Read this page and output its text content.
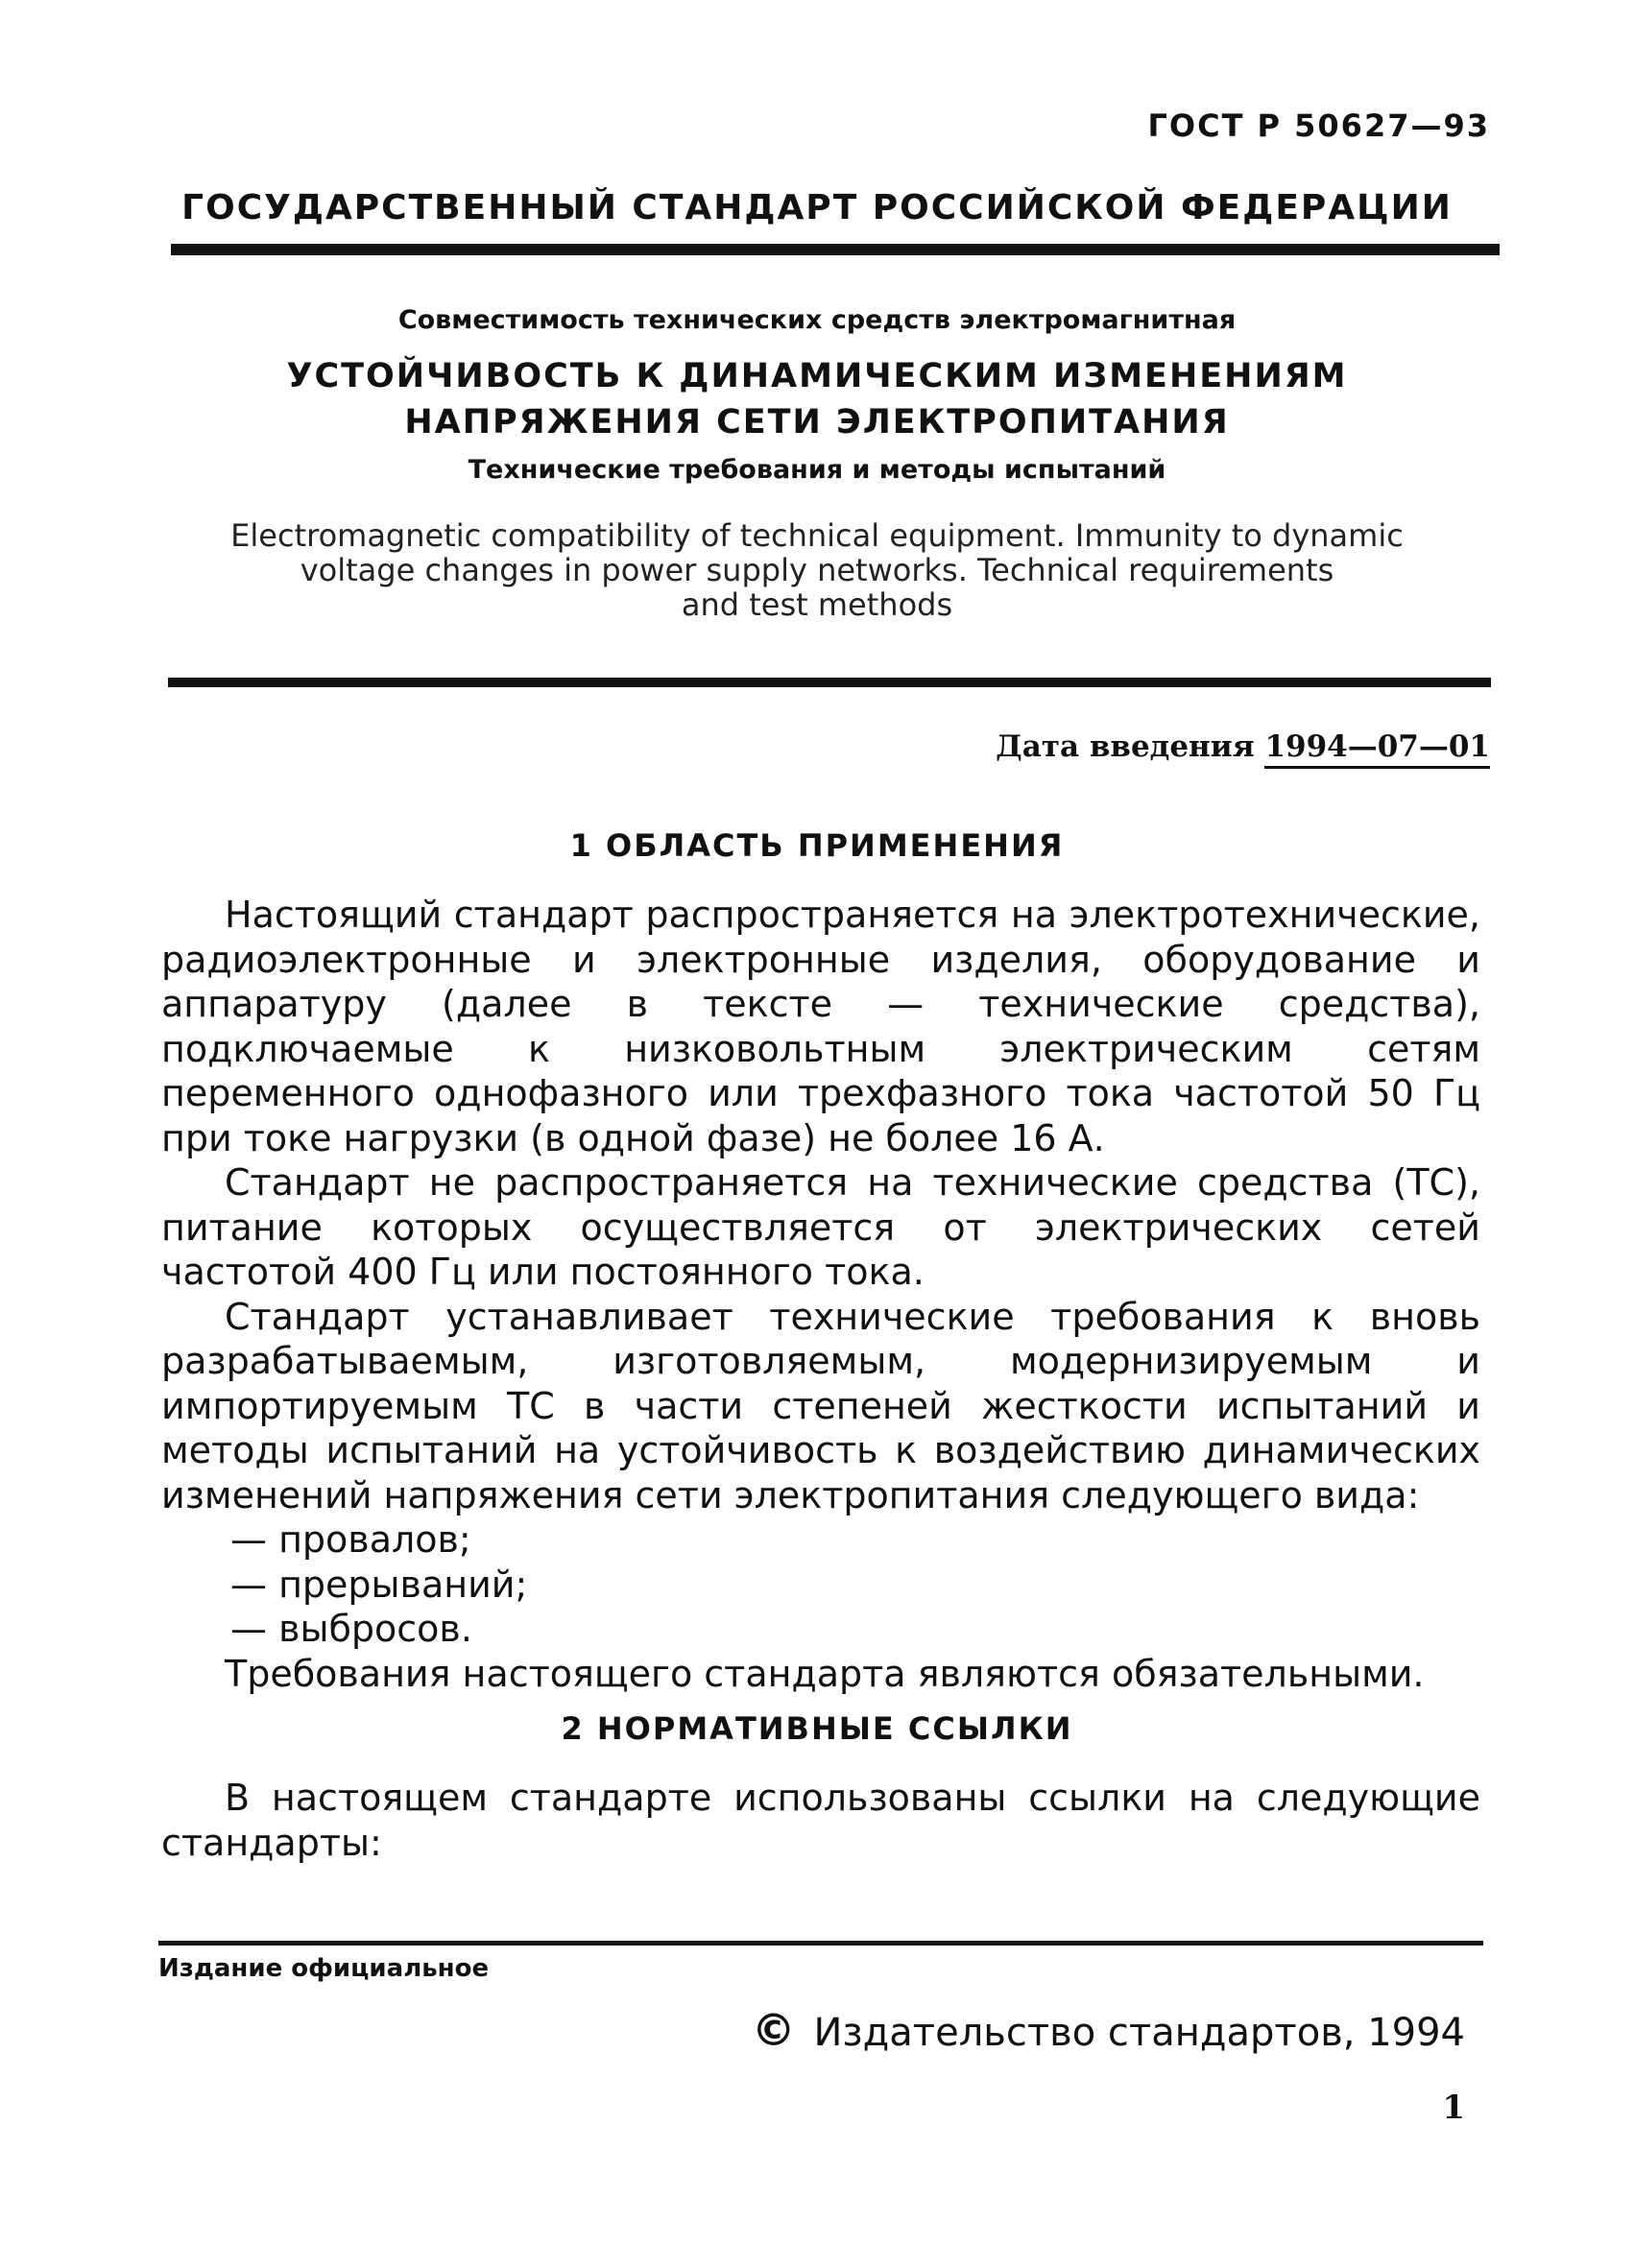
ГОСТ Р 50627—93
ГОСУДАРСТВЕННЫЙ СТАНДАРТ РОССИЙСКОЙ ФЕДЕРАЦИИ
Совместимость технических средств электромагнитная
УСТОЙЧИВОСТЬ К ДИНАМИЧЕСКИМ ИЗМЕНЕНИЯМ
НАПРЯЖЕНИЯ СЕТИ ЭЛЕКТРОПИТАНИЯ
Технические требования и методы испытаний
Electromagnetic compatibility of technical equipment. Immunity to dynamic
voltage changes in power supply networks. Technical requirements
and test methods
Дата введения 1994—07—01
1 ОБЛАСТЬ ПРИМЕНЕНИЯ

Настоящий стандарт распространяется на электротехнические, радиоэлектронные и электронные изделия, оборудование и аппаратуру (далее в тексте — технические средства), подключаемые к низковольтным электрическим сетям переменного однофазного или трехфазного тока частотой 50 Гц при токе нагрузки (в одной фазе) не более 16 А.

Стандарт не распространяется на технические средства (ТС), питание которых осуществляется от электрических сетей частотой 400 Гц или постоянного тока.

Стандарт устанавливает технические требования к вновь разрабатываемым, изготовляемым, модернизируемым и импортируемым ТС в части степеней жесткости испытаний и методы испытаний на устойчивость к воздействию динамических изменений напряжения сети электропитания следующего вида:

— провалов;

— прерываний;

— выбросов.

Требования настоящего стандарта являются обязательными.

2 НОРМАТИВНЫЕ ССЫЛКИ

В настоящем стандарте использованы ссылки на следующие стандарты:

Издание официальное
© Издательство стандартов, 1994
1
